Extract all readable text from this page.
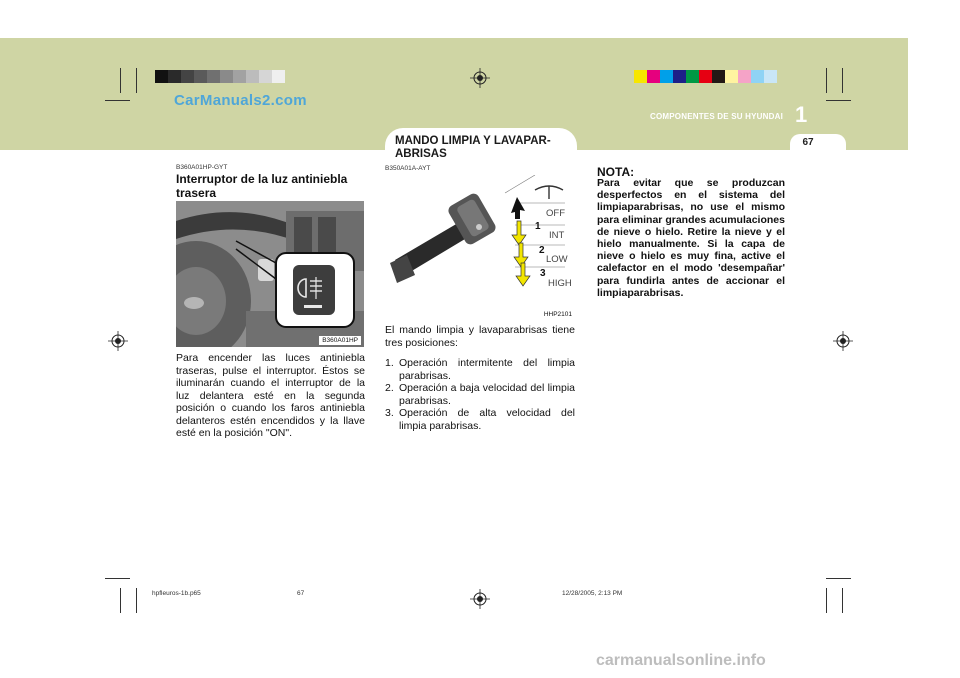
CarManuals2.com
COMPONENTES DE SU HYUNDAI 1
67
B360A01HP-GYT
Interruptor de la luz antiniebla trasera
B360A01HP
Para encender las luces antiniebla traseras, pulse el interruptor. Éstos se iluminarán cuando el interruptor de la luz delantera esté en la segunda posición o cuando los faros antiniebla delanteros estén encendidos y la llave esté en la posición "ON".
MANDO LIMPIA Y LAVAPAR-ABRISAS
B350A01A-AYT
OFF
INT
LOW
HIGH
1
2
3
HHP2101
El mando limpia y lavaparabrisas tiene tres posiciones:
1. Operación intermitente del limpia parabrisas.
2. Operación a baja velocidad del limpia parabrisas.
3. Operación de alta velocidad del limpia parabrisas.
NOTA:
Para evitar que se produzcan desperfectos en el sistema del limpiaparabrisas, no use el mismo para eliminar grandes acumulaciones de nieve o hielo. Retire la nieve y el hielo manualmente. Si la capa de nieve o hielo es muy fina, active el calefactor en el modo 'desempañar' para fundirla antes de accionar el limpiaparabrisas.
hpfleuros-1b.p65	67	12/28/2005, 2:13 PM
carmanualsonline.info
